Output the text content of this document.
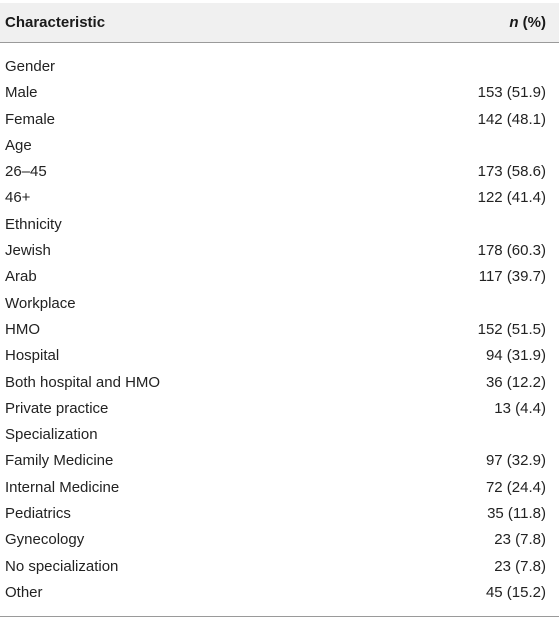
Characteristic	n (%)
Gender
Male	153 (51.9)
Female	142 (48.1)
Age
26–45	173 (58.6)
46+	122 (41.4)
Ethnicity
Jewish	178 (60.3)
Arab	117 (39.7)
Workplace
HMO	152 (51.5)
Hospital	94 (31.9)
Both hospital and HMO	36 (12.2)
Private practice	13 (4.4)
Specialization
Family Medicine	97 (32.9)
Internal Medicine	72 (24.4)
Pediatrics	35 (11.8)
Gynecology	23 (7.8)
No specialization	23 (7.8)
Other	45 (15.2)
